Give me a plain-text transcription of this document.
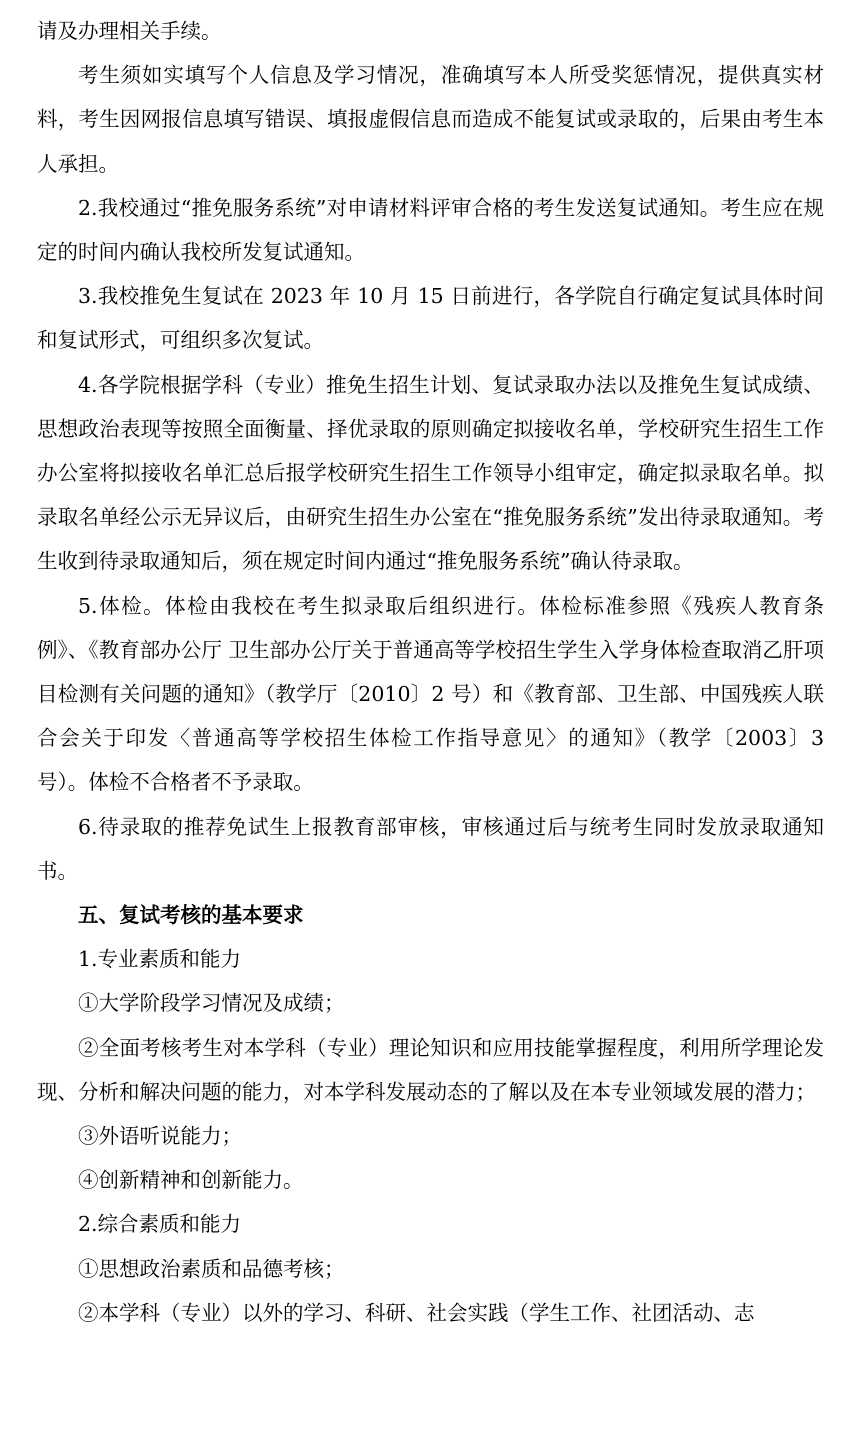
请及办理相关手续。

考生须如实填写个人信息及学习情况，准确填写本人所受奖惩情况，提供真实材料，考生因网报信息填写错误、填报虚假信息而造成不能复试或录取的，后果由考生本人承担。

2.我校通过“推免服务系统”对申请材料评审合格的考生发送复试通知。考生应在规定的时间内确认我校所发复试通知。

3.我校推免生复试在 2023 年 10 月 15 日前进行，各学院自行确定复试具体时间和复试形式，可组织多次复试。

4.各学院根据学科（专业）推免生招生计划、复试录取办法以及推免生复试成绩、思想政治表现等按照全面衡量、择优录取的原则确定拟接收名单，学校研究生招生工作办公室将拟接收名单汇总后报学校研究生招生工作领导小组审定，确定拟录取名单。拟录取名单经公示无异议后，由研究生招生办公室在“推免服务系统”发出待录取通知。考生收到待录取通知后，须在规定时间内通过“推免服务系统”确认待录取。

5.体检。体检由我校在考生拟录取后组织进行。体检标准参照《残疾人教育条例》、《教育部办公厅 卫生部办公厅关于普通高等学校招生学生入学身体检查取消乙肝项目检测有关问题的通知》（教学厅〔2010〕2 号）和《教育部、卫生部、中国残疾人联合会关于印发〈普通高等学校招生体检工作指导意见〉的通知》（教学〔2003〕3 号）。体检不合格者不予录取。

6.待录取的推荐免试生上报教育部审核，审核通过后与统考生同时发放录取通知书。

五、复试考核的基本要求

1.专业素质和能力

①大学阶段学习情况及成绩；

②全面考核考生对本学科（专业）理论知识和应用技能掌握程度，利用所学理论发现、分析和解决问题的能力，对本学科发展动态的了解以及在本专业领域发展的潜力；

③外语听说能力；

④创新精神和创新能力。

2.综合素质和能力

①思想政治素质和品德考核；

②本学科（专业）以外的学习、科研、社会实践（学生工作、社团活动、志
